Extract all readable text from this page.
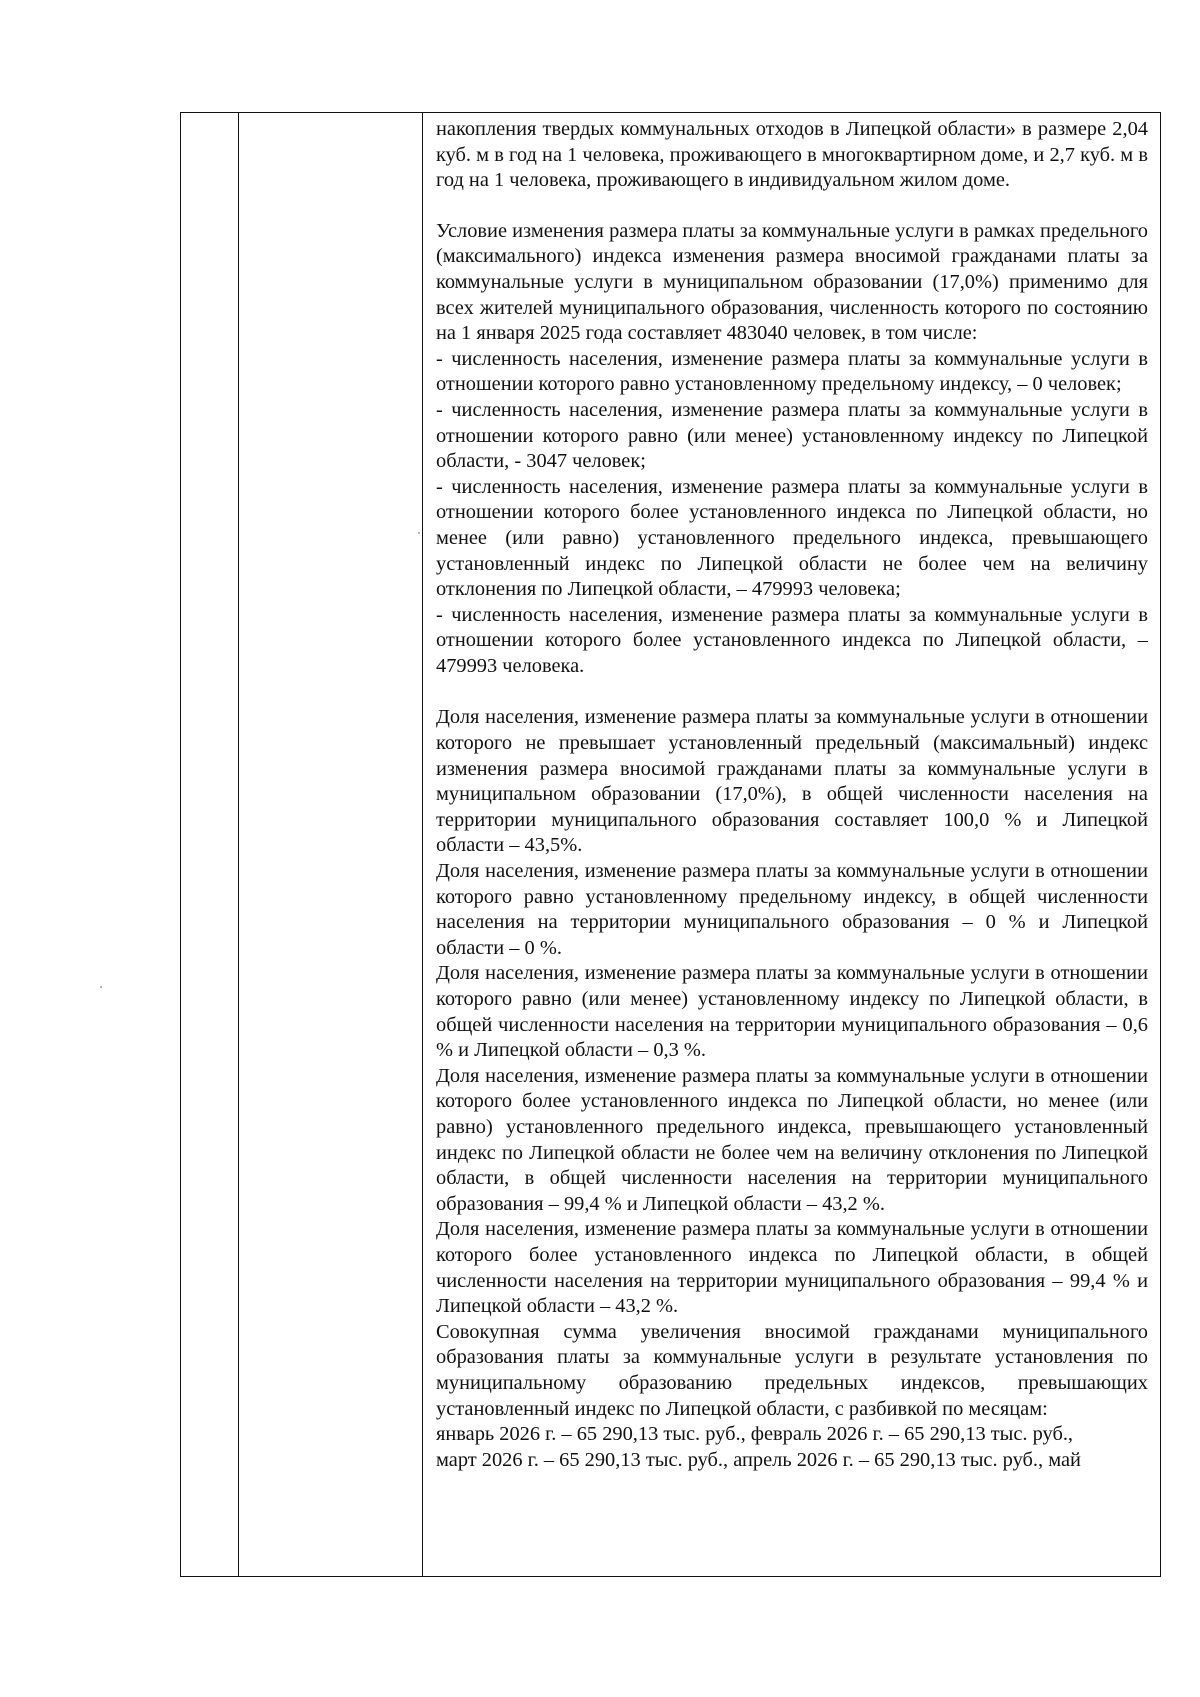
накопления твердых коммунальных отходов в Липецкой области» в размере 2,04 куб. м в год на 1 человека, проживающего в многоквартирном доме, и 2,7 куб. м в год на 1 человека, проживающего в индивидуальном жилом доме.

Условие изменения размера платы за коммунальные услуги в рамках предельного (максимального) индекса изменения размера вносимой гражданами платы за коммунальные услуги в муниципальном образовании (17,0%) применимо для всех жителей муниципального образования, численность которого по состоянию на 1 января 2025 года составляет 483040 человек, в том числе:

- численность населения, изменение размера платы за коммунальные услуги в отношении которого равно установленному предельному индексу, – 0 человек;

- численность населения, изменение размера платы за коммунальные услуги в отношении которого равно (или менее) установленному индексу по Липецкой области, - 3047 человек;

- численность населения, изменение размера платы за коммунальные услуги в отношении которого более установленного индекса по Липецкой области, но менее (или равно) установленного предельного индекса, превышающего установленный индекс по Липецкой области не более чем на величину отклонения по Липецкой области, – 479993 человека;

- численность населения, изменение размера платы за коммунальные услуги в отношении которого более установленного индекса по Липецкой области, – 479993 человека.

Доля населения, изменение размера платы за коммунальные услуги в отношении которого не превышает установленный предельный (максимальный) индекс изменения размера вносимой гражданами платы за коммунальные услуги в муниципальном образовании (17,0%), в общей численности населения на территории муниципального образования составляет 100,0 % и Липецкой области – 43,5%.

Доля населения, изменение размера платы за коммунальные услуги в отношении которого равно установленному предельному индексу, в общей численности населения на территории муниципального образования – 0 % и Липецкой области – 0 %.

Доля населения, изменение размера платы за коммунальные услуги в отношении которого равно (или менее) установленному индексу по Липецкой области, в общей численности населения на территории муниципального образования – 0,6 % и Липецкой области – 0,3 %.

Доля населения, изменение размера платы за коммунальные услуги в отношении которого более установленного индекса по Липецкой области, но менее (или равно) установленного предельного индекса, превышающего установленный индекс по Липецкой области не более чем на величину отклонения по Липецкой области, в общей численности населения на территории муниципального образования – 99,4 % и Липецкой области – 43,2 %.

Доля населения, изменение размера платы за коммунальные услуги в отношении которого более установленного индекса по Липецкой области, в общей численности населения на территории муниципального образования – 99,4 % и Липецкой области – 43,2 %.

Совокупная сумма увеличения вносимой гражданами муниципального образования платы за коммунальные услуги в результате установления по муниципальному образованию предельных индексов, превышающих установленный индекс по Липецкой области, с разбивкой по месяцам:

январь 2026 г. – 65 290,13 тыс. руб., февраль 2026 г. – 65 290,13 тыс. руб.,

март 2026 г. – 65 290,13 тыс. руб., апрель 2026 г. – 65 290,13 тыс. руб., май
